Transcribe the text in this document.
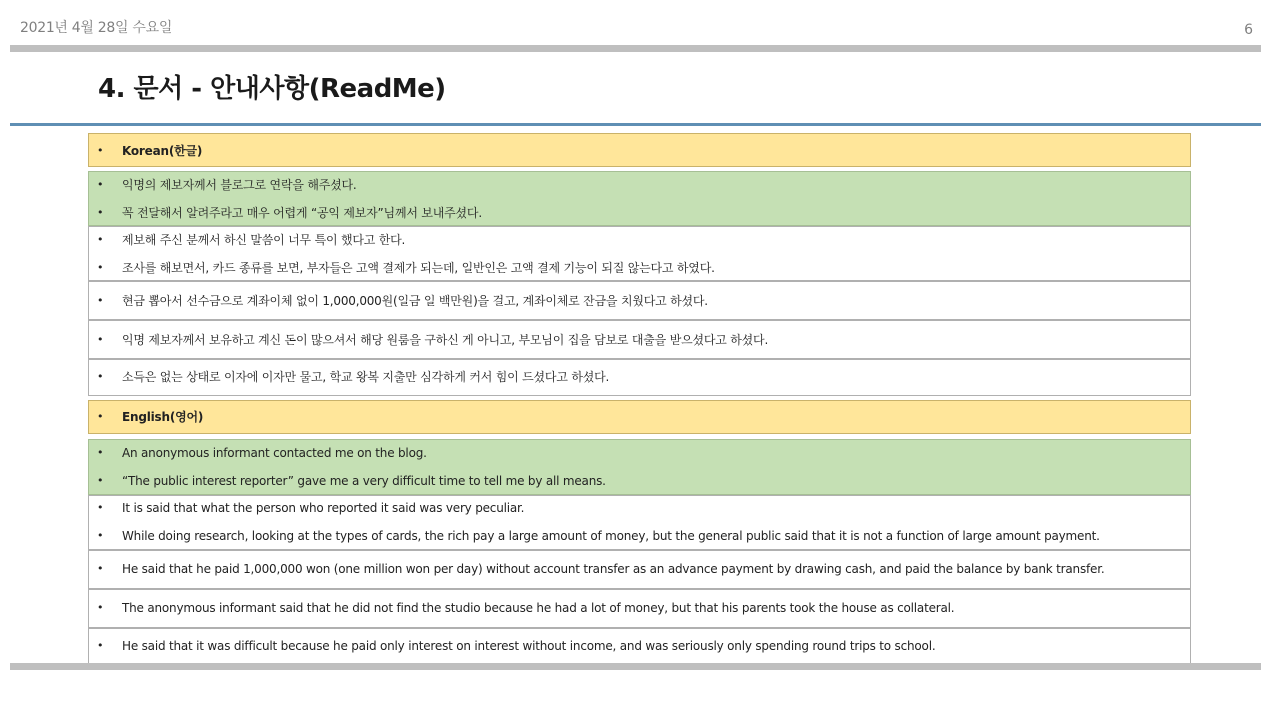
2021년 4월 28일 수요일	6
4. 문서 - 안내사항(ReadMe)
•	Korean(한글)
•	익명의 제보자께서 블로그로 연락을 해주셨다.
•	꼭 전달해서 알려주라고 매우 어렵게 “공익 제보자”님께서 보내주셨다.
•	제보해 주신 분께서 하신 말씀이 너무 특이 했다고 한다.
•	조사를 해보면서, 카드 종류를 보면, 부자들은 고액 결제가 되는데, 일반인은 고액 결제 기능이 되질 않는다고 하였다.
•	현금 뽑아서 선수금으로 계좌이체 없이 1,000,000원(일금 일 백만원)을 걸고, 계좌이체로 잔금을 치웠다고 하셨다.
•	익명 제보자께서 보유하고 계신 돈이 많으셔서 해당 원룸을 구하신 게 아니고, 부모님이 집을 담보로 대출을 받으셨다고 하셨다.
•	소득은 없는 상태로 이자에 이자만 물고, 학교 왕복 지출만 심각하게 커서 힘이 드셨다고 하셨다.
•	English(영어)
•	An anonymous informant contacted me on the blog.
•	“The public interest reporter” gave me a very difficult time to tell me by all means.
•	It is said that what the person who reported it said was very peculiar.
•	While doing research, looking at the types of cards, the rich pay a large amount of money, but the general public said that it is not a function of large amount payment.
•	He said that he paid 1,000,000 won (one million won per day) without account transfer as an advance payment by drawing cash, and paid the balance by bank transfer.
•	The anonymous informant said that he did not find the studio because he had a lot of money, but that his parents took the house as collateral.
•	He said that it was difficult because he paid only interest on interest without income, and was seriously only spending round trips to school.
